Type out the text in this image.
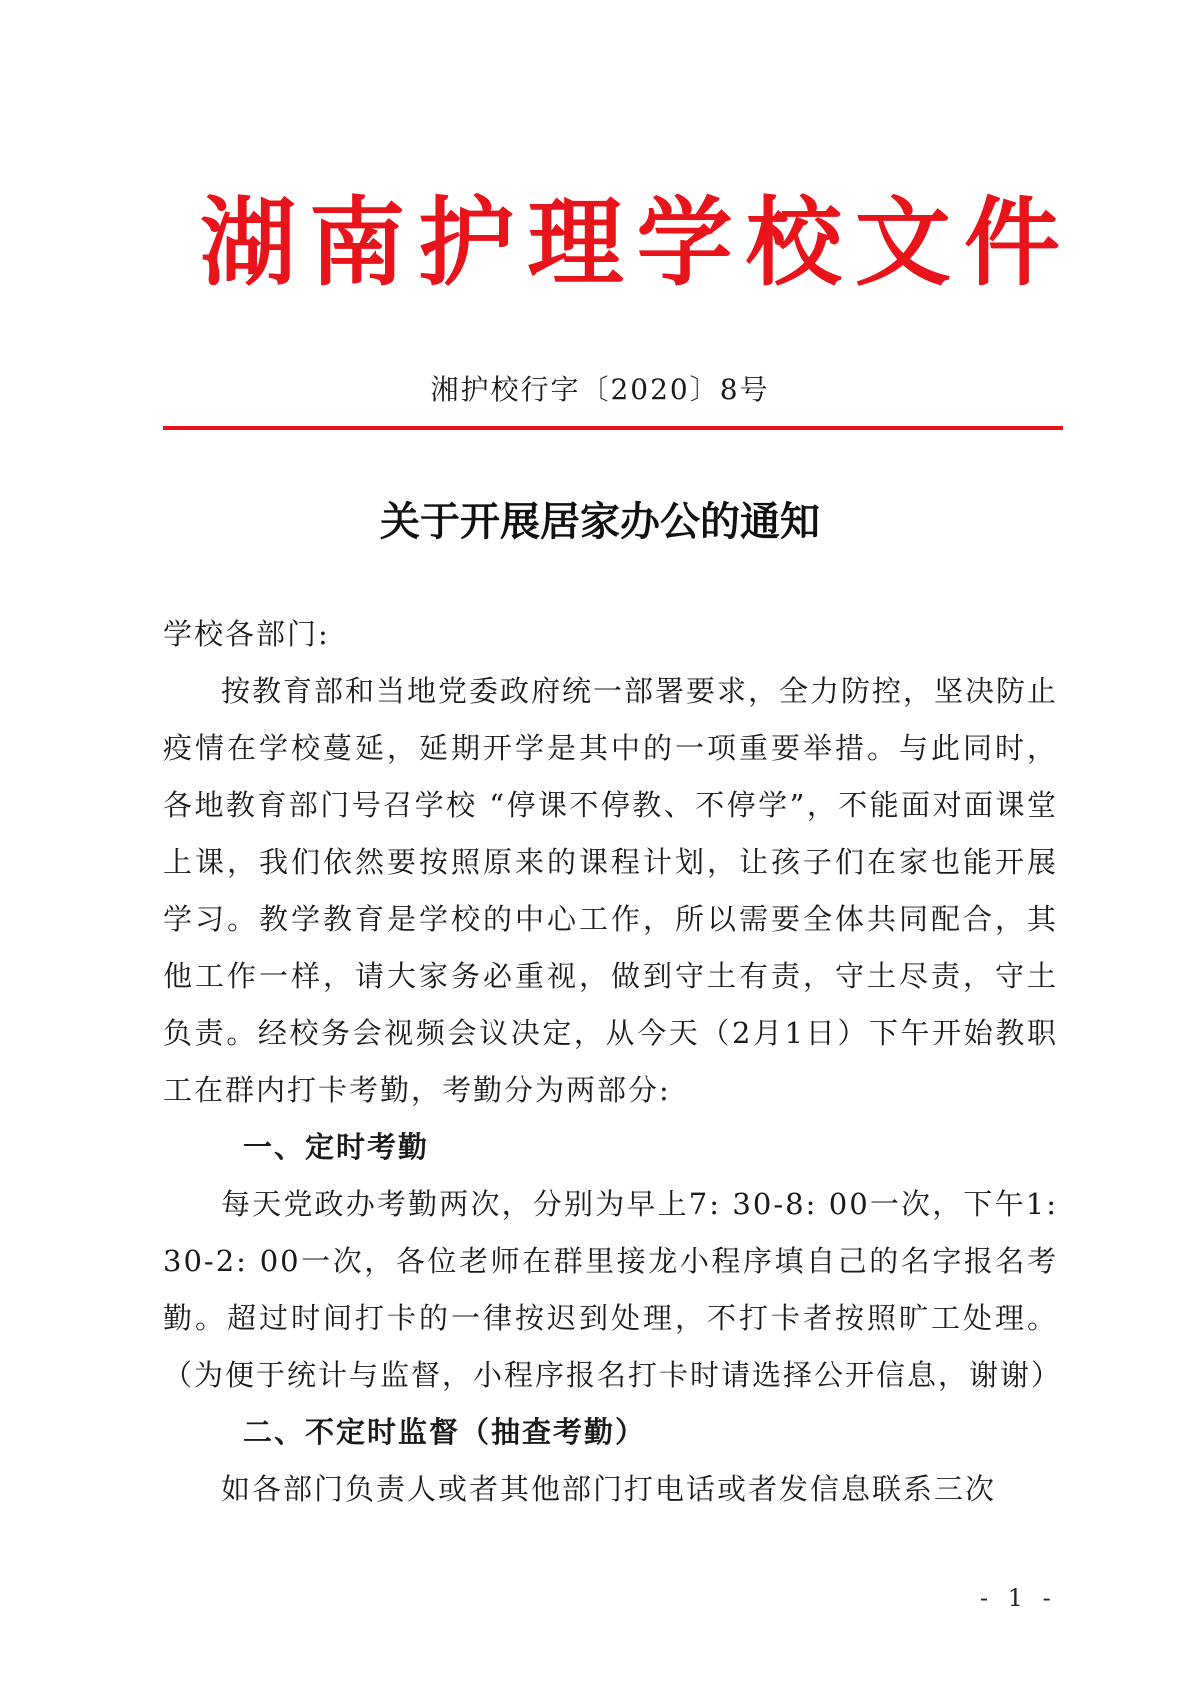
湖 南 护 理 学 校 文 件
湘护校行字〔2020〕8号
关于开展居家办公的通知

学校各部门:

按教育部和当地党委政府统一部署要求，全力防控，坚决防止疫情在学校蔓延，延期开学是其中的一项重要举措。与此同时，各地教育部门号召学校 “停课不停教、不停学”，不能面对面课堂上课，我们依然要按照原来的课程计划，让孩子们在家也能开展学习。教学教育是学校的中心工作，所以需要全体共同配合，其他工作一样，请大家务必重视，做到守土有责，守土尽责，守土负责。经校务会视频会议决定，从今天（2月1日）下午开始教职工在群内打卡考勤，考勤分为两部分:

一、定时考勤

每天党政办考勤两次，分别为早上7: 30-8: 00一次，下午1: 30-2: 00一次，各位老师在群里接龙小程序填自己的名字报名考勤。超过时间打卡的一律按迟到处理，不打卡者按照旷工处理。（为便于统计与监督，小程序报名打卡时请选择公开信息，谢谢）

二、不定时监督（抽查考勤）

如各部门负责人或者其他部门打电话或者发信息联系三次

- 1 -
